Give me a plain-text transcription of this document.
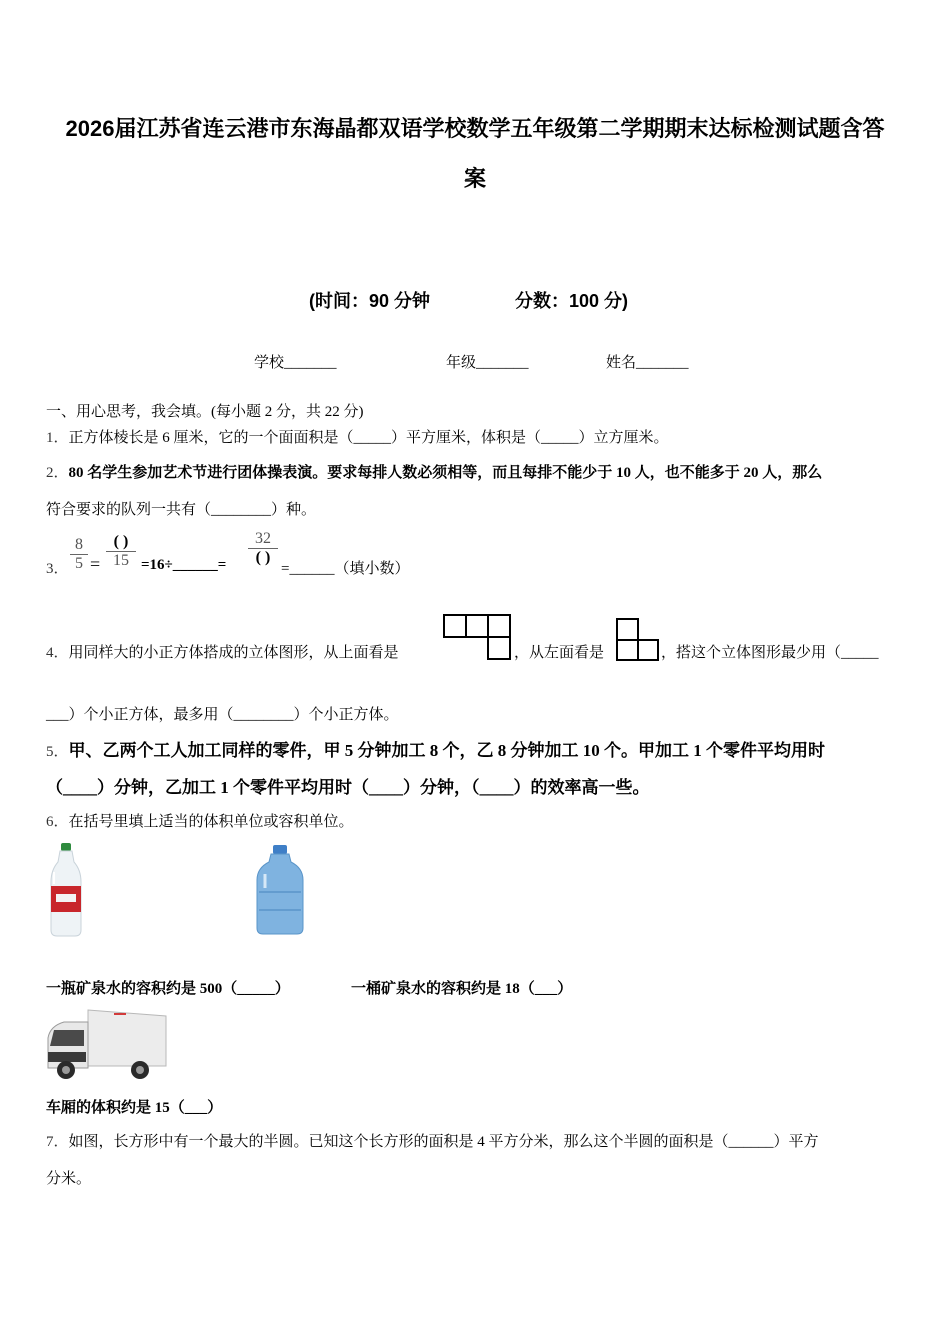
2026届江苏省连云港市东海晶都双语学校数学五年级第二学期期末达标检测试题含答
案
(时间：90 分钟	分数：100 分)
学校_______	年级_______	姓名_______
一、用心思考，我会填。(每小题 2 分，共 22 分)
1．正方体棱长是 6 厘米，它的一个面面积是（_____）平方厘米，体积是（_____）立方厘米。
2．80 名学生参加艺术节进行团体操表演。要求每排人数必须相等，而且每排不能少于 10 人，也不能多于 20 人，那么
符合要求的队列一共有（________）种。
3．
8
5 =
( )
15 =16÷______=
32
( )
=______（填小数）
4．用同样大的小正方体搭成的立体图形，从上面看是	，从左面看是	，搭这个立体图形最少用（_____
___）个小正方体，最多用（________）个小正方体。
5．甲、乙两个工人加工同样的零件，甲 5 分钟加工 8 个，乙 8 分钟加工 10 个。甲加工 1 个零件平均用时
（____）分钟，乙加工 1 个零件平均用时（____）分钟，（____）的效率高一些。
6．在括号里填上适当的体积单位或容积单位。
一瓶矿泉水的容积约是 500（_____）	一桶矿泉水的容积约是 18（___）
车厢的体积约是 15（___）
7．如图，长方形中有一个最大的半圆。已知这个长方形的面积是 4 平方分米，那么这个半圆的面积是（______）平方
分米。
